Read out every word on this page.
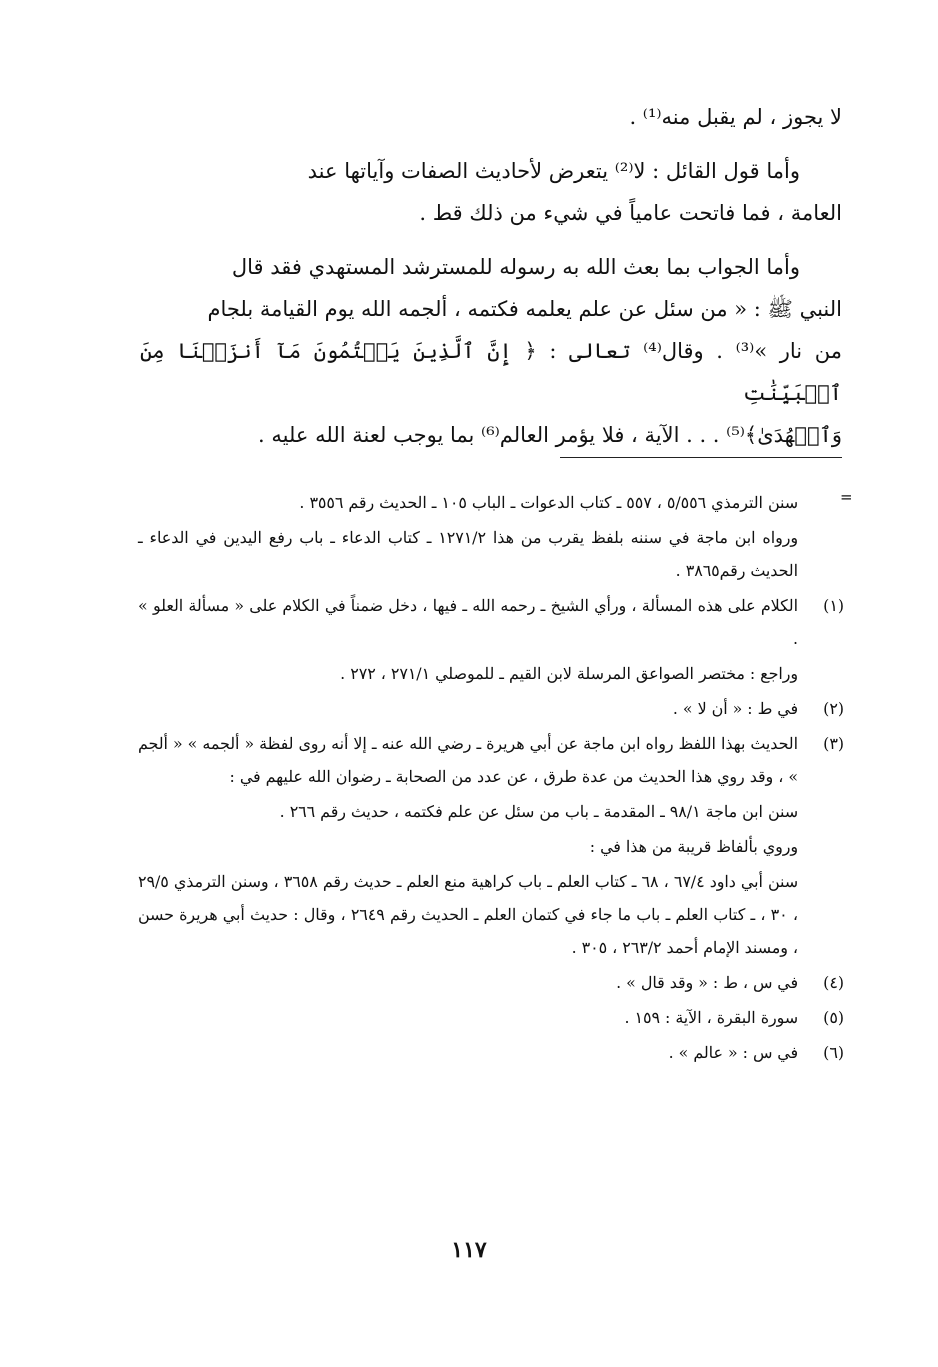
لا يجوز ، لم يقبل منه⁽¹⁾ .

وأما قول القائل : لا⁽²⁾ يتعرض لأحاديث الصفات وآياتها عند

العامة ، فما فاتحت عامياً في شيء من ذلك قط .

وأما الجواب بما بعث الله به رسوله للمسترشد المستهدي فقد قال

النبي ﷺ : « من سئل عن علم يعلمه فكتمه ، ألجمه الله يوم القيامة بلجام

من نار »⁽³⁾ . وقال⁽⁴⁾ تعالى : ﴿ إِنَّ ٱلَّذِينَ يَكۡتُمُونَ مَآ أَنزَلۡنَا مِنَ ٱلۡبَيِّنَٰتِ

وَٱلۡهُدَىٰ﴾⁽⁵⁾ . . . الآية ، فلا يؤمر العالم⁽⁶⁾ بما يوجب لعنة الله عليه .

=
سنن الترمذي ٥/٥٥٦ ، ٥٥٧ ـ كتاب الدعوات ـ الباب ١٠٥ ـ الحديث رقم ٣٥٥٦ .
ورواه ابن ماجة في سننه بلفظ يقرب من هذا ١٢٧١/٢ ـ كتاب الدعاء ـ باب رفع اليدين في الدعاء ـ الحديث رقم٣٨٦٥ .
(١)
الكلام على هذه المسألة ، ورأي الشيخ ـ رحمه الله ـ فيها ، دخل ضمناً في الكلام على « مسألة العلو » .
وراجع : مختصر الصواعق المرسلة لابن القيم ـ للموصلي ٢٧١/١ ، ٢٧٢ .
(٢)
في ط : « أن لا » .
(٣)
الحديث بهذا اللفظ رواه ابن ماجة عن أبي هريرة ـ رضي الله عنه ـ إلا أنه روى لفظة « ألجمه » « ألجم » ، وقد روي هذا الحديث من عدة طرق ، عن عدد من الصحابة ـ رضوان الله عليهم في :
سنن ابن ماجة ٩٨/١ ـ المقدمة ـ باب من سئل عن علم فكتمه ، حديث رقم ٢٦٦ .
وروي بألفاظ قريبة من هذا في :
سنن أبي داود ٦٧/٤ ، ٦٨ ـ كتاب العلم ـ باب كراهية منع العلم ـ حديث رقم ٣٦٥٨ ، وسنن الترمذي ٢٩/٥ ، ٣٠ ، ـ كتاب العلم ـ باب ما جاء في كتمان العلم ـ الحديث رقم ٢٦٤٩ ، وقال : حديث أبي هريرة حسن ، ومسند الإمام أحمد ٢٦٣/٢ ، ٣٠٥ .
(٤)
في س ، ط : « وقد قال » .
(٥)
سورة البقرة ، الآية : ١٥٩ .
(٦)
في س : « عالم » .
١١٧
